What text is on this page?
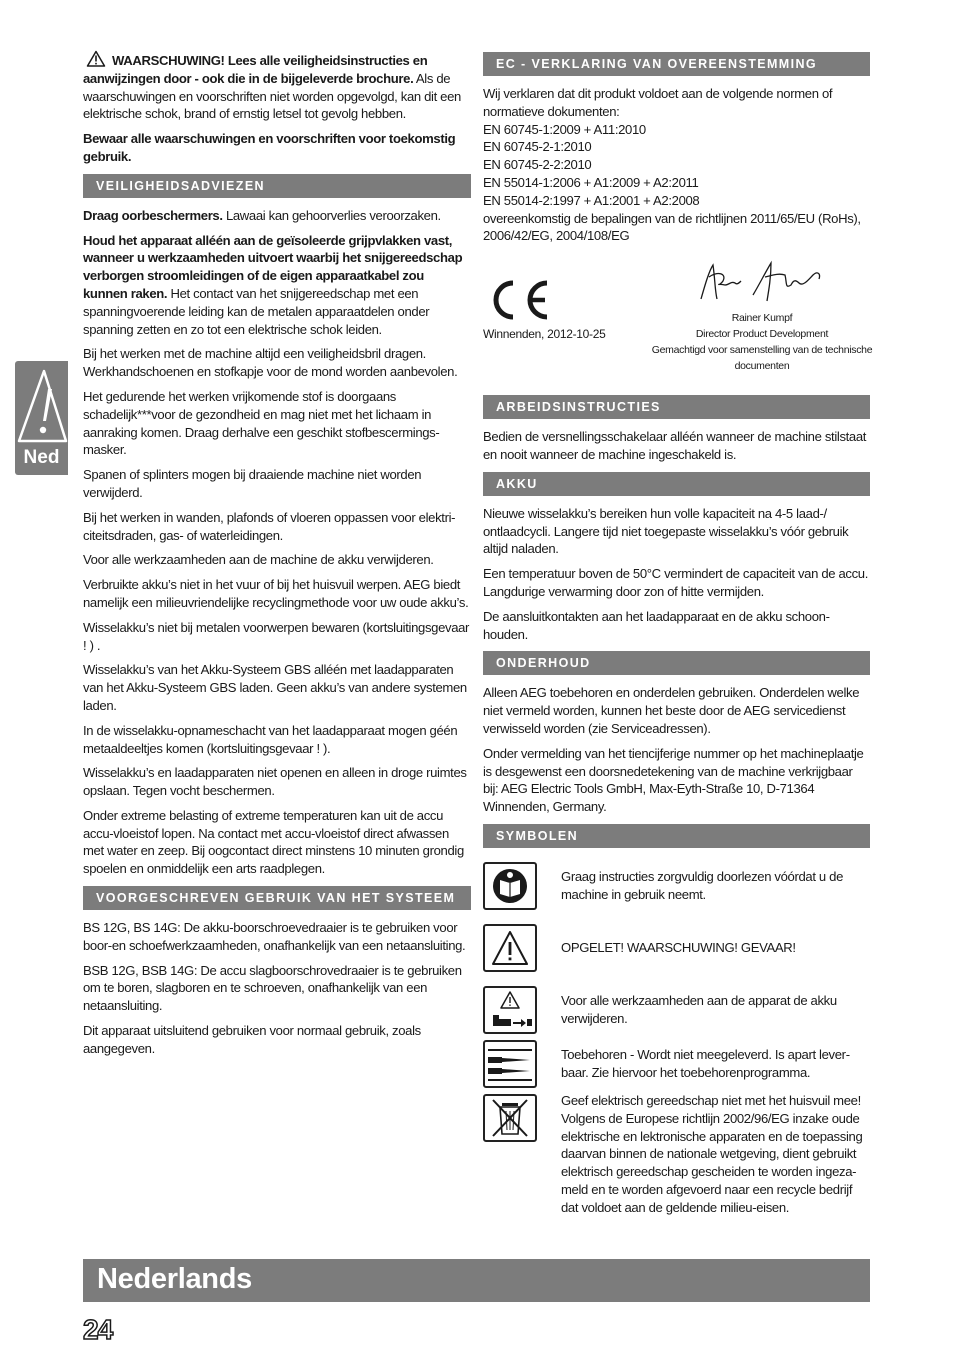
Ned

WAARSCHUWING! Lees alle veiligheidsinstructies en aanwijzingen door - ook die in de bijgeleverde brochure. Als de waarschuwingen en voorschriften niet worden opgevolgd, kan dit een elektrische schok, brand of ernstig letsel tot gevolg hebben.

Bewaar alle waarschuwingen en voorschriften voor toekomstig gebruik.

VEILIGHEIDSADVIEZEN

Draag oorbeschermers. Lawaai kan gehoorverlies veroorzaken.

Houd het apparaat alléén aan de geïsoleerde grijpvlakken vast, wanneer u werkzaamheden uitvoert waarbij het snijgereedschap verborgen stroomleidingen of de eigen apparaatkabel zou kunnen raken. Het contact van het snijgereedschap met een spanningvoerende leiding kan de metalen apparaatdelen onder spanning zetten en zo tot een elektrische schok leiden.

Bij het werken met de machine altijd een veiligheidsbril dragen. Werkhandschoenen en stofkapje voor de mond worden aanbevolen.

Het gedurende het werken vrijkomende stof is doorgaans schadelijk***voor de gezondheid en mag niet met het lichaam in aanraking komen. Draag derhalve een geschikt stofbescermingsmasker.

Spanen of splinters mogen bij draaiende machine niet worden verwijderd.

Bij het werken in wanden, plafonds of vloeren oppassen voor elektriciteitsdraden, gas- of waterleidingen.

Voor alle werkzaamheden aan de machine de akku verwijderen.

Verbruikte akku’s niet in het vuur of bij het huisvuil werpen. AEG biedt namelijk een milieuvriendelijke recyclingmethode voor uw oude akku’s.

Wisselakku’s niet bij metalen voorwerpen bewaren (kortsluitingsgevaar ! ) .

Wisselakku’s van het Akku-Systeem GBS alléén met laadapparaten van het Akku-Systeem GBS laden. Geen akku’s van andere systemen laden.

In de wisselakku-opnameschacht van het laadapparaat mogen géén metaaldeeltjes komen (kortsluitingsgevaar ! ).

Wisselakku’s en laadapparaten niet openen en alleen in droge ruimtes opslaan. Tegen vocht beschermen.

Onder extreme belasting of extreme temperaturen kan uit de accu accu-vloeistof lopen. Na contact met accu-vloeistof direct afwassen met water en zeep. Bij oogcontact direct minstens 10 minuten grondig spoelen en onmiddelijk een arts raadplegen.

VOORGESCHREVEN GEBRUIK VAN HET SYSTEEM

BS 12G, BS 14G: De akku-boorschroevedraaier is te gebruiken voor boor-en schoefwerkzaamheden, onafhankelijk van een netaansluiting.

BSB 12G, BSB 14G: De accu slagboorschrovedraaier is te gebruiken om te boren, slagboren en te schroeven, onafhankelijk van een netaansluiting.

Dit apparaat uitsluitend gebruiken voor normaal gebruik, zoals aangegeven.

EC - VERKLARING VAN OVEREENSTEMMING
Wij verklaren dat dit produkt voldoet aan de volgende normen of normatieve dokumenten:
EN 60745-1:2009 + A11:2010
EN 60745-2-1:2010
EN 60745-2-2:2010
EN 55014-1:2006 + A1:2009 + A2:2011
EN 55014-2:1997 + A1:2001 + A2:2008
overeenkomstig de bepalingen van de richtlijnen 2011/65/EU (RoHs), 2006/42/EG, 2004/108/EG
Winnenden, 2012-10-25
Rainer Kumpf
Director Product Development
Gemachtigd voor samenstelling van de technische documenten
ARBEIDSINSTRUCTIES

Bedien de versnellingsschakelaar alléén wanneer de machine stilstaat en nooit wanneer de machine ingeschakeld is.

AKKU

Nieuwe wisselakku’s bereiken hun volle kapaciteit na 4-5 laad-/ ontlaadcycli. Langere tijd niet toegepaste wisselakku’s vóór gebruik altijd naladen.

Een temperatuur boven de 50°C vermindert de capaciteit van de accu. Langdurige verwarming door zon of hitte vermijden.

De aansluitkontakten aan het laadapparaat en de akku schoonhouden.

ONDERHOUD

Alleen AEG toebehoren en onderdelen gebruiken. Onderdelen welke niet vermeld worden, kunnen het beste door de AEG servicedienst verwisseld worden (zie Serviceadressen).

Onder vermelding van het tiencijferige nummer op het machineplaatje is desgewenst een doorsnedetekening van de machine verkrijgbaar bij: AEG Electric Tools GmbH, Max-Eyth-Straße 10, D-71364 Winnenden, Germany.

SYMBOLEN
Graag instructies zorgvuldig doorlezen vóórdat u de machine in gebruik neemt.
OPGELET! WAARSCHUWING! GEVAAR!
Voor alle werkzaamheden aan de apparat de akku verwijderen.
Toebehoren - Wordt niet meegeleverd. Is apart leverbaar. Zie hiervoor het toebehorenprogramma.
Geef elektrisch gereedschap niet met het huisvuil mee! Volgens de Europese richtlijn 2002/96/EG inzake oude elektrische en lektronische apparaten en de toepassing daarvan binnen de nationale wetgeving, dient gebruikt elektrisch gereedschap gescheiden te worden ingezameld en te worden afgevoerd naar een recycle bedrijf dat voldoet aan de geldende milieu-eisen.
Nederlands
24
